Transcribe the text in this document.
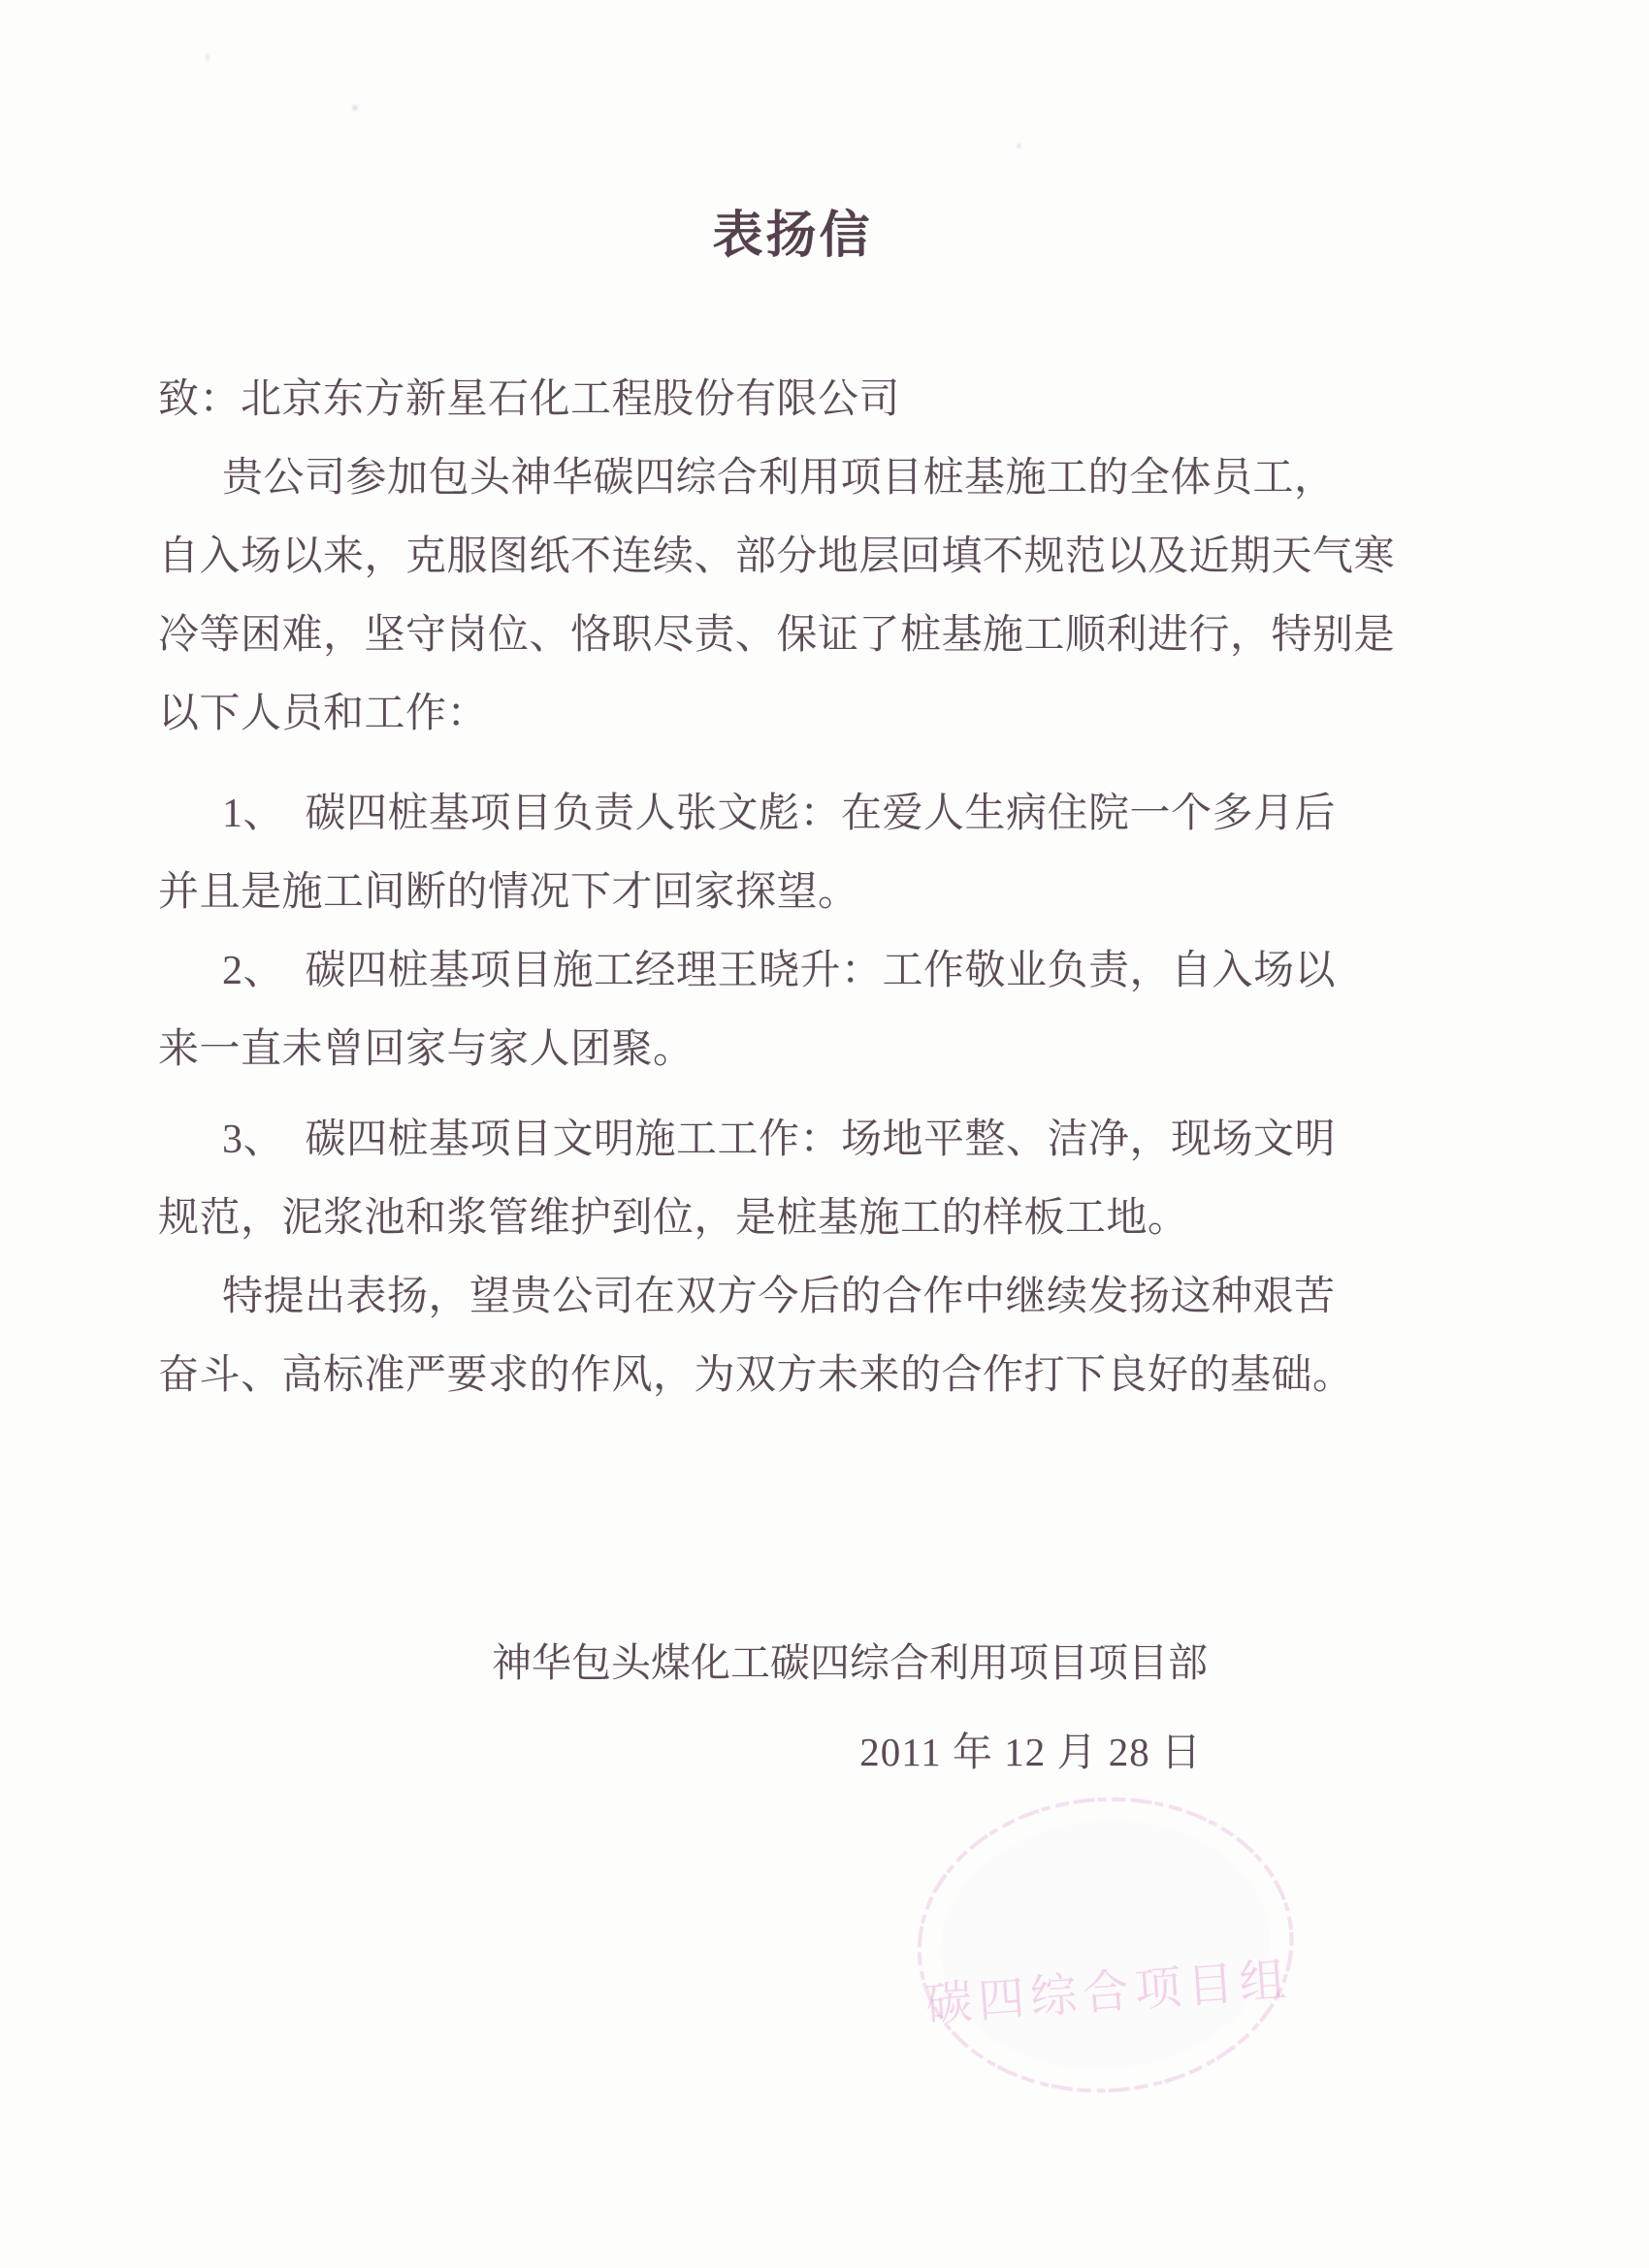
表扬信
致：北京东方新星石化工程股份有限公司
贵公司参加包头神华碳四综合利用项目桩基施工的全体员工，
自入场以来，克服图纸不连续、部分地层回填不规范以及近期天气寒
冷等困难，坚守岗位、恪职尽责、保证了桩基施工顺利进行，特别是
以下人员和工作：
1、　碳四桩基项目负责人张文彪：在爱人生病住院一个多月后
并且是施工间断的情况下才回家探望。
2、　碳四桩基项目施工经理王晓升：工作敬业负责，自入场以
来一直未曾回家与家人团聚。
3、　碳四桩基项目文明施工工作：场地平整、洁净，现场文明
规范，泥浆池和浆管维护到位，是桩基施工的样板工地。
特提出表扬，望贵公司在双方今后的合作中继续发扬这种艰苦
奋斗、高标准严要求的作风，为双方未来的合作打下良好的基础。
神华包头煤化工碳四综合利用项目项目部
2011 年 12 月 28 日
碳四综合项目组
